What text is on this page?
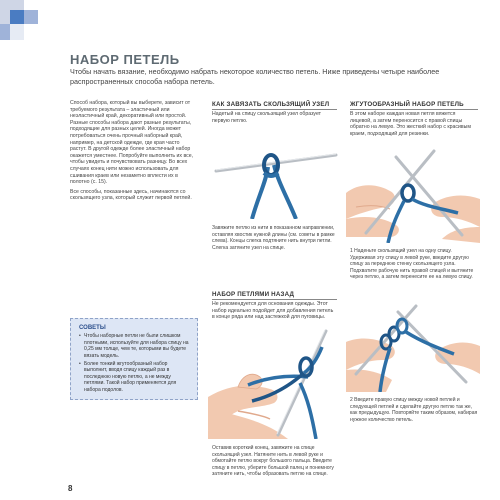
НАБОР ПЕТЕЛЬ
Чтобы начать вязание, необходимо набрать некоторое количество петель. Ниже приведены четыре наиболее распространенных способа набора петель.

Способ набора, который вы выберете, зависит от требуемого результата – эластичный или неэластичный край, декоративный или простой. Разные способы набора дают разные результаты, подходящие для разных целей. Иногда может потребоваться очень прочный наборный край, например, на детской одежде, где края часто растут. В другой одежде более эластичный набор окажется уместнее. Попробуйте выполнить их все, чтобы увидеть и почувствовать разницу. Во всех случаях конец нити можно использовать для сшивания краев или незаметно вплести их в полотно (с. 15).

Все способы, показанные здесь, начинаются со скользящего узла, который служит первой петлей.

СОВЕТЫ
• Чтобы наборные петли не были слишком плотными, используйте для набора спицу на 0,25 мм толще, чем те, которыми вы будете вязать модель.
• Более тонкий жгутообразный набор выполнит, вводя спицу каждый раз в последнюю новую петлю, а не между петлями. Такой набор применяется для набора подолов.
КАК ЗАВЯЗАТЬ СКОЛЬЗЯЩИЙ УЗЕЛ
Надетый на спицу скользящий узел образует первую петлю.
Завяжите петлю из нити в показанном направлении, оставляя хвостик нужной длины (см. советы в рамке слева). Концы слегка подтяните нить внутри петли. Слегка затяните узел на спице.
НАБОР ПЕТЛЯМИ НАЗАД
Не рекомендуется для основания одежды. Этот набор идеально подойдет для добавления петель в конце ряда или над застежкой для пуговицы.
Оставив короткий конец, завяжите на спице скользящий узел. Натяните нить в левой руке и обмотайте петлю вокруг большого пальца. Введите спицу в петлю, уберите большой палец и понемногу затяните нить, чтобы образовать петлю на спице.
ЖГУТООБРАЗНЫЙ НАБОР ПЕТЕЛЬ
В этом наборе каждая новая петля вяжется лицевой, а затем переносится с правой спицы обратно на левую. Это жесткий набор с красивым краем, подходящий для резинки.
1 Наденьте скользящий узел на одну спицу. Удерживая эту спицу в левой руке, введите другую спицу за переднюю стенку скользящего узла. Подхватите рабочую нить правой спицей и вытяните через петлю, а затем перенесите ее на левую спицу.
2 Введите правую спицу между новой петлей и следующей петлей и сделайте другую петлю так же, как предыдущую. Повторяйте таким образом, набирая нужное количество петель.
8
